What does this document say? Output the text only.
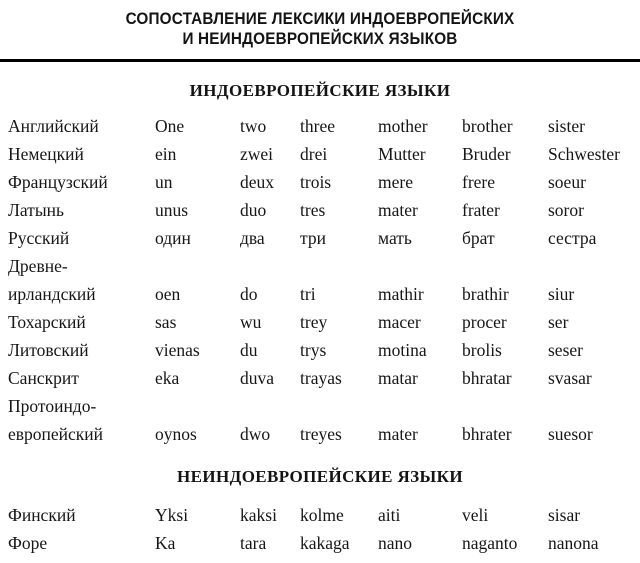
СОПОСТАВЛЕНИЕ ЛЕКСИКИ ИНДОЕВРОПЕЙСКИХ
И НЕИНДОЕВРОПЕЙСКИХ ЯЗЫКОВ
ИНДОЕВРОПЕЙСКИЕ ЯЗЫКИ
Английский	One	two	three	mother	brother	sister
Немецкий	ein	zwei	drei	Mutter	Bruder	Schwester
Французский	un	deux	trois	mere	frere	soeur
Латынь	unus	duo	tres	mater	frater	soror
Русский	один	два	три	мать	брат	сестра
Древне-
ирландский	oen	do	tri	mathir	brathir	siur
Тохарский	sas	wu	trey	macer	procer	ser
Литовский	vienas	du	trys	motina	brolis	seser
Санскрит	eka	duva	trayas	matar	bhratar	svasar
Протоиндо-
европейский	oynos	dwo	treyes	mater	bhrater	suesor
НЕИНДОЕВРОПЕЙСКИЕ ЯЗЫКИ
Финский	Yksi	kaksi	kolme	aiti	veli	sisar
Форе	Ka	tara	kakaga	nano	naganto	nanona
